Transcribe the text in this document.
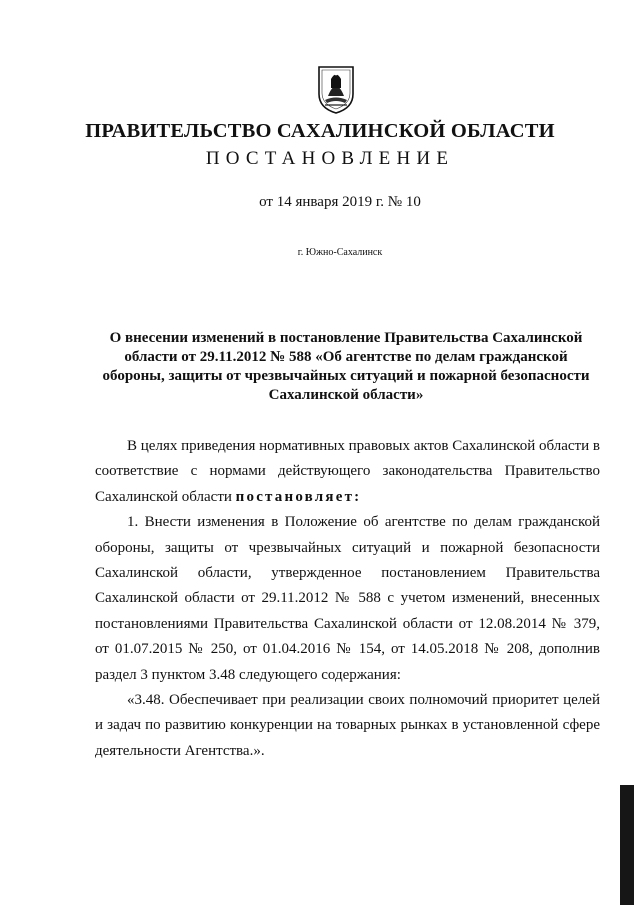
ПРАВИТЕЛЬСТВО САХАЛИНСКОЙ ОБЛАСТИ
ПОСТАНОВЛЕНИЕ
от 14 января 2019 г. № 10
г. Южно-Сахалинск
О внесении изменений в постановление Правительства Сахалинской области от 29.11.2012 № 588 «Об агентстве по делам гражданской обороны, защиты от чрезвычайных ситуаций и пожарной безопасности Сахалинской области»

В целях приведения нормативных правовых актов Сахалинской области в соответствие с нормами действующего законодательства Правительство Сахалинской области постановляет:

1. Внести изменения в Положение об агентстве по делам гражданской обороны, защиты от чрезвычайных ситуаций и пожарной безопасности Сахалинской области, утвержденное постановлением Правительства Сахалинской области от 29.11.2012 № 588 с учетом изменений, внесенных постановлениями Правительства Сахалинской области от 12.08.2014 № 379, от 01.07.2015 № 250, от 01.04.2016 № 154, от 14.05.2018 № 208, дополнив раздел 3 пунктом 3.48 следующего содержания:

«3.48. Обеспечивает при реализации своих полномочий приоритет целей и задач по развитию конкуренции на товарных рынках в установленной сфере деятельности Агентства.».
